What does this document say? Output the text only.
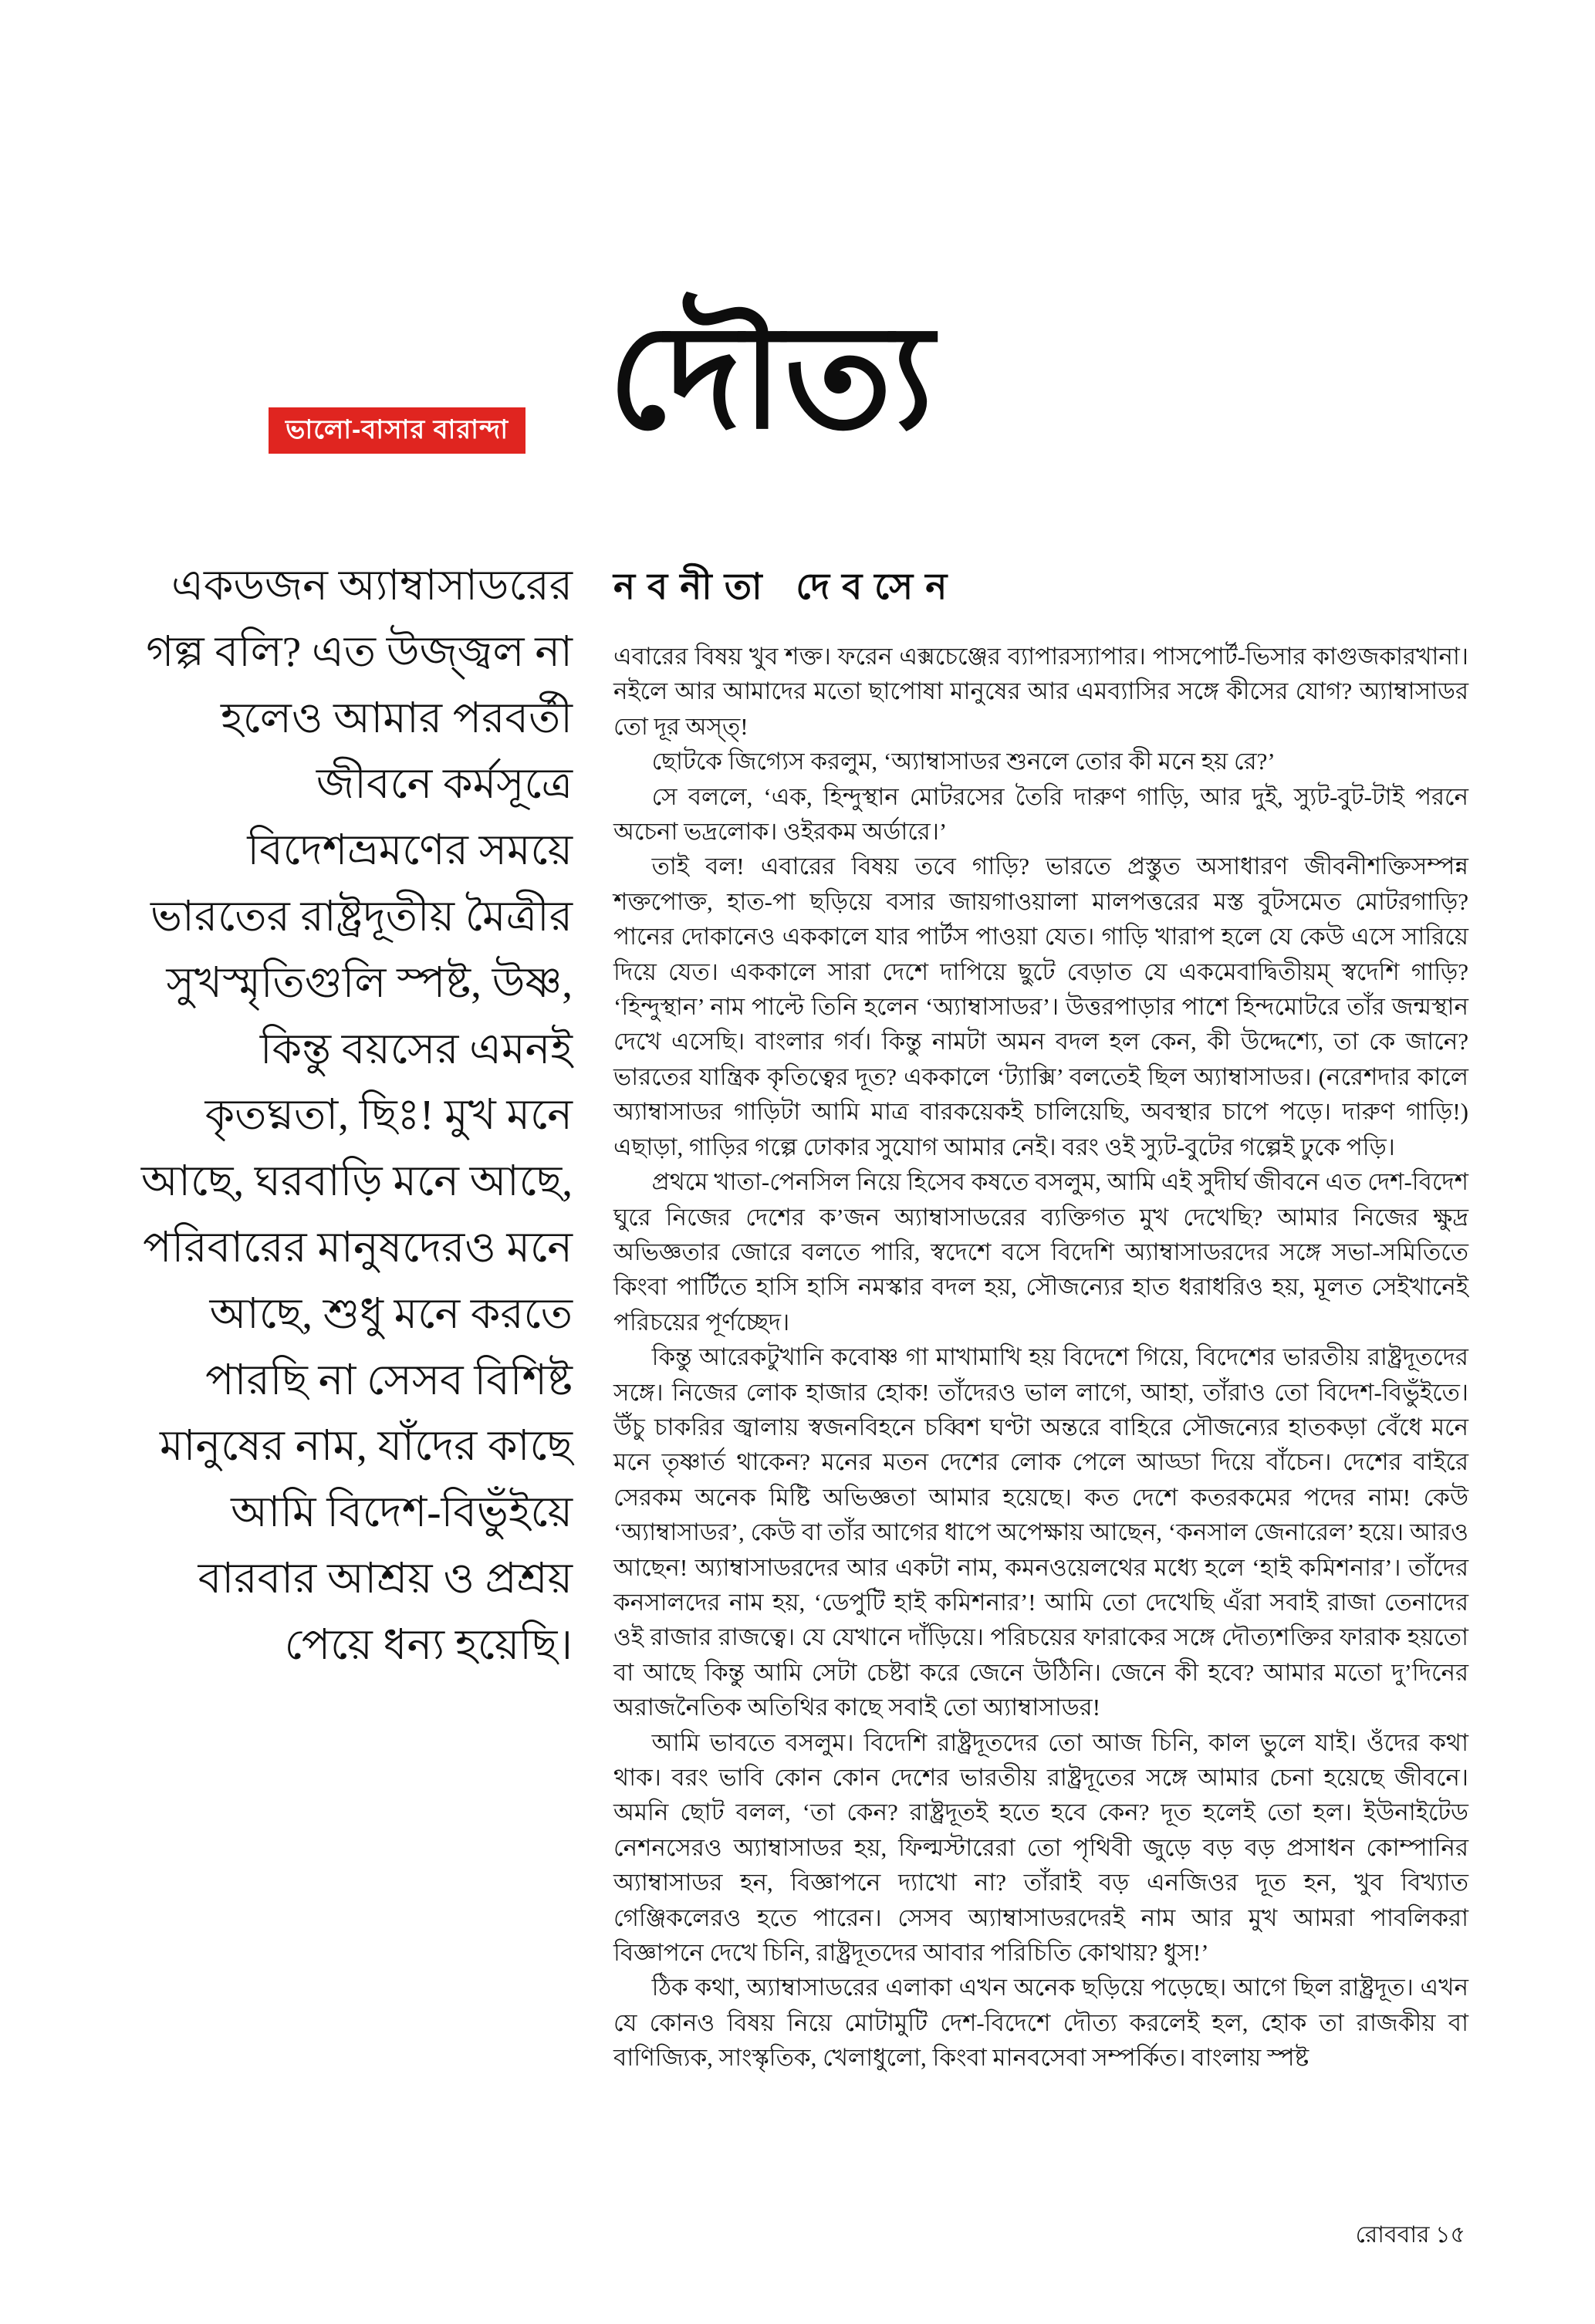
ভালো-বাসার বারান্দা দৌত্য
একডজন অ্যাম্বাসাডরের গল্প বলি? এত উজ্জ্বল না হলেও আমার পরবর্তী জীবনে কর্মসূত্রে বিদেশভ্রমণের সময়ে ভারতের রাষ্ট্রদূতীয় মৈত্রীর সুখস্মৃতিগুলি স্পষ্ট, উষ্ণ, কিন্তু বয়সের এমনই কৃতঘ্নতা, ছিঃ! মুখ মনে আছে, ঘরবাড়ি মনে আছে, পরিবারের মানুষদেরও মনে আছে, শুধু মনে করতে পারছি না সেসব বিশিষ্ট মানুষের নাম, যাঁদের কাছে আমি বিদেশ-বিভুঁইয়ে বারবার আশ্রয় ও প্রশ্রয় পেয়ে ধন্য হয়েছি।
নবনীতা দেবসেন

এবারের বিষয় খুব শক্ত। ফরেন এক্সচেঞ্জের ব্যাপারস্যাপার। পাসপোর্ট-ভিসার কাগুজকারখানা। নইলে আর আমাদের মতো ছাপোষা মানুষের আর এমব্যাসির সঙ্গে কীসের যোগ? অ্যাম্বাসাডর তো দূর অস্ত্‌!

ছোটকে জিগ্যেস করলুম, ‘অ্যাম্বাসাডর শুনলে তোর কী মনে হয় রে?’

সে বললে, ‘এক, হিন্দুস্থান মোটরসের তৈরি দারুণ গাড়ি, আর দুই, স্যুট-বুট-টাই পরনে অচেনা ভদ্রলোক। ওইরকম অর্ডারে।’

তাই বল! এবারের বিষয় তবে গাড়ি? ভারতে প্রস্তুত অসাধারণ জীবনীশক্তিসম্পন্ন শক্তপোক্ত, হাত-পা ছড়িয়ে বসার জায়গাওয়ালা মালপত্তরের মস্ত বুটসমেত মোটরগাড়ি? পানের দোকানেও এককালে যার পার্টস পাওয়া যেত। গাড়ি খারাপ হলে যে কেউ এসে সারিয়ে দিয়ে যেত। এককালে সারা দেশে দাপিয়ে ছুটে বেড়াত যে একমেবাদ্বিতীয়ম্‌ স্বদেশি গাড়ি? ‘হিন্দুস্থান’ নাম পাল্টে তিনি হলেন ‘অ্যাম্বাসাডর’। উত্তরপাড়ার পাশে হিন্দমোটরে তাঁর জন্মস্থান দেখে এসেছি। বাংলার গর্ব। কিন্তু নামটা অমন বদল হল কেন, কী উদ্দেশ্যে, তা কে জানে? ভারতের যান্ত্রিক কৃতিত্বের দূত? এককালে ‘ট্যাক্সি’ বলতেই ছিল অ্যাম্বাসাডর। (নরেশদার কালে অ্যাম্বাসাডর গাড়িটা আমি মাত্র বারকয়েকই চালিয়েছি, অবস্থার চাপে পড়ে। দারুণ গাড়ি!) এছাড়া, গাড়ির গল্পে ঢোকার সুযোগ আমার নেই। বরং ওই স্যুট-বুটের গল্পেই ঢুকে পড়ি।

প্রথমে খাতা-পেনসিল নিয়ে হিসেব কষতে বসলুম, আমি এই সুদীর্ঘ জীবনে এত দেশ-বিদেশ ঘুরে নিজের দেশের ক’জন অ্যাম্বাসাডরের ব্যক্তিগত মুখ দেখেছি? আমার নিজের ক্ষুদ্র অভিজ্ঞতার জোরে বলতে পারি, স্বদেশে বসে বিদেশি অ্যাম্বাসাডরদের সঙ্গে সভা-সমিতিতে কিংবা পার্টিতে হাসি হাসি নমস্কার বদল হয়, সৌজন্যের হাত ধরাধরিও হয়, মূলত সেইখানেই পরিচয়ের পূর্ণচ্ছেদ।

কিন্তু আরেকটুখানি কবোষ্ণ গা মাখামাখি হয় বিদেশে গিয়ে, বিদেশের ভারতীয় রাষ্ট্রদূতদের সঙ্গে। নিজের লোক হাজার হোক! তাঁদেরও ভাল লাগে, আহা, তাঁরাও তো বিদেশ-বিভুঁইতে। উঁচু চাকরির জ্বালায় স্বজনবিহনে চব্বিশ ঘণ্টা অন্তরে বাহিরে সৌজন্যের হাতকড়া বেঁধে মনে মনে তৃষ্ণার্ত থাকেন? মনের মতন দেশের লোক পেলে আড্ডা দিয়ে বাঁচেন। দেশের বাইরে সেরকম অনেক মিষ্টি অভিজ্ঞতা আমার হয়েছে। কত দেশে কতরকমের পদের নাম! কেউ ‘অ্যাম্বাসাডর’, কেউ বা তাঁর আগের ধাপে অপেক্ষায় আছেন, ‘কনসাল জেনারেল’ হয়ে। আরও আছেন! অ্যাম্বাসাডরদের আর একটা নাম, কমনওয়েলথের মধ্যে হলে ‘হাই কমিশনার’। তাঁদের কনসালদের নাম হয়, ‘ডেপুটি হাই কমিশনার’! আমি তো দেখেছি এঁরা সবাই রাজা তেনাদের ওই রাজার রাজত্বে। যে যেখানে দাঁড়িয়ে। পরিচয়ের ফারাকের সঙ্গে দৌত্যশক্তির ফারাক হয়তো বা আছে কিন্তু আমি সেটা চেষ্টা করে জেনে উঠিনি। জেনে কী হবে? আমার মতো দু’দিনের অরাজনৈতিক অতিথির কাছে সবাই তো অ্যাম্বাসাডর!

আমি ভাবতে বসলুম। বিদেশি রাষ্ট্রদূতদের তো আজ চিনি, কাল ভুলে যাই। ওঁদের কথা থাক। বরং ভাবি কোন কোন দেশের ভারতীয় রাষ্ট্রদূতের সঙ্গে আমার চেনা হয়েছে জীবনে। অমনি ছোট বলল, ‘তা কেন? রাষ্ট্রদূতই হতে হবে কেন? দূত হলেই তো হল। ইউনাইটেড নেশনসেরও অ্যাম্বাসাডর হয়, ফিল্মস্টারেরা তো পৃথিবী জুড়ে বড় বড় প্রসাধন কোম্পানির অ্যাম্বাসাডর হন, বিজ্ঞাপনে দ্যাখো না? তাঁরাই বড় এনজিওর দূত হন, খুব বিখ্যাত গেঞ্জিকলেরও হতে পারেন। সেসব অ্যাম্বাসাডরদেরই নাম আর মুখ আমরা পাবলিকরা বিজ্ঞাপনে দেখে চিনি, রাষ্ট্রদূতদের আবার পরিচিতি কোথায়? ধুস!’

ঠিক কথা, অ্যাম্বাসাডরের এলাকা এখন অনেক ছড়িয়ে পড়েছে। আগে ছিল রাষ্ট্রদূত। এখন যে কোনও বিষয় নিয়ে মোটামুটি দেশ-বিদেশে দৌত্য করলেই হল, হোক তা রাজকীয় বা বাণিজ্যিক, সাংস্কৃতিক, খেলাধুলো, কিংবা মানবসেবা সম্পর্কিত। বাংলায় স্পষ্ট

রোববার ১৫
